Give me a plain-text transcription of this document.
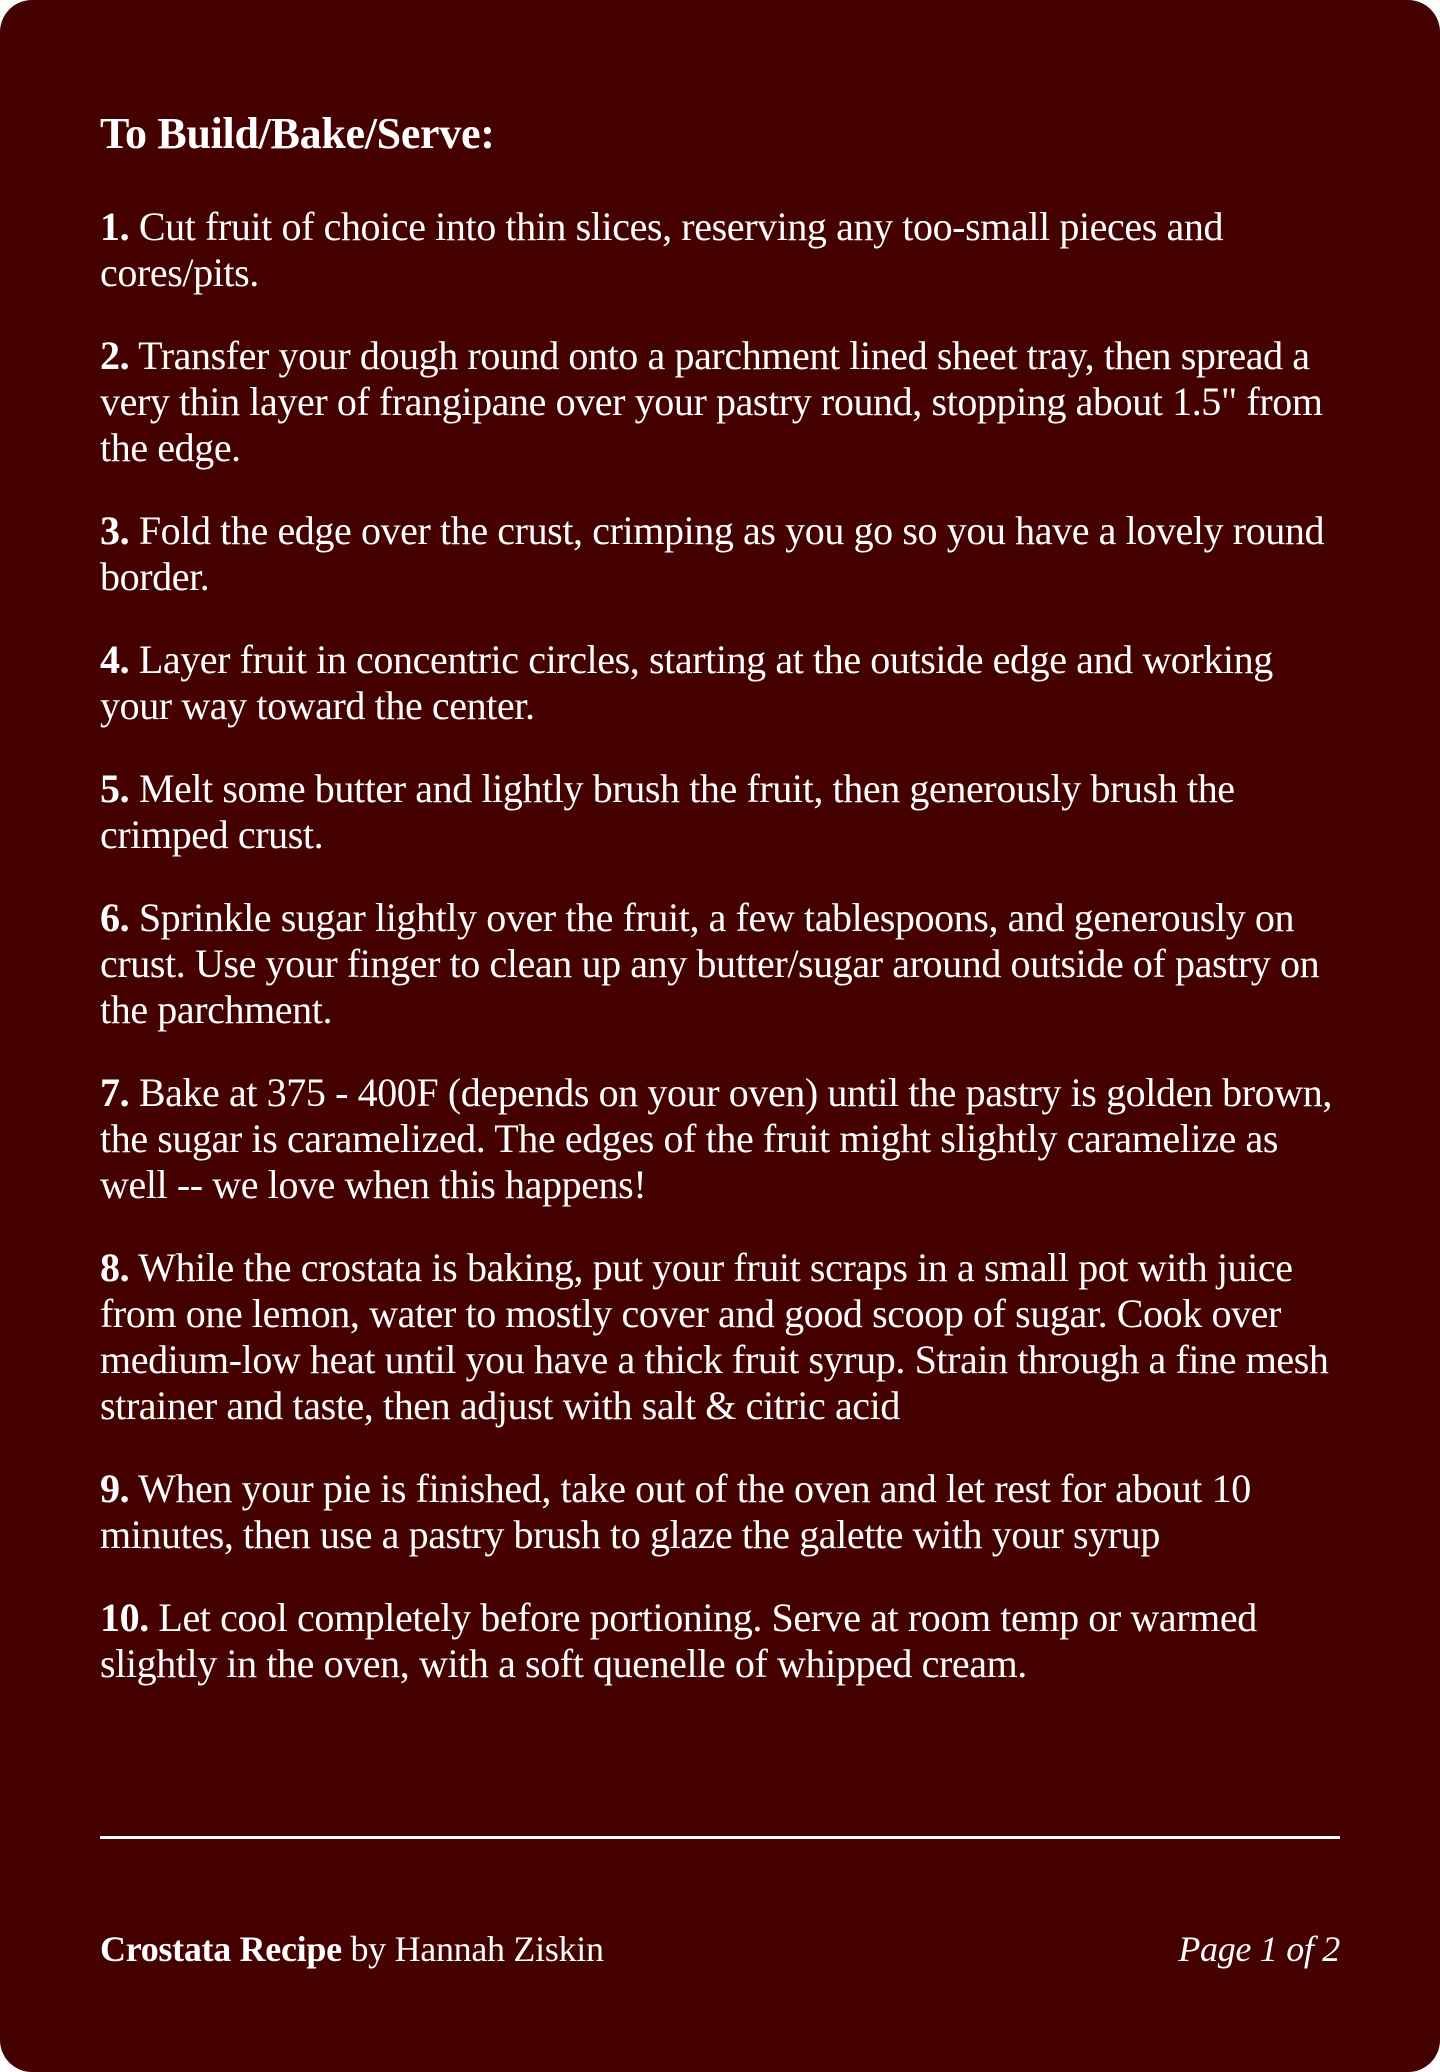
To Build/Bake/Serve:
1. Cut fruit of choice into thin slices, reserving any too-small pieces and cores/pits.
2. Transfer your dough round onto a parchment lined sheet tray, then spread a very thin layer of frangipane over your pastry round, stopping about 1.5" from the edge.
3. Fold the edge over the crust, crimping as you go so you have a lovely round border.
4. Layer fruit in concentric circles, starting at the outside edge and working your way toward the center.
5. Melt some butter and lightly brush the fruit, then generously brush the crimped crust.
6. Sprinkle sugar lightly over the fruit, a few tablespoons, and generously on crust. Use your finger to clean up any butter/sugar around outside of pastry on the parchment.
7. Bake at 375 - 400F (depends on your oven) until the pastry is golden brown, the sugar is caramelized. The edges of the fruit might slightly caramelize as well -- we love when this happens!
8. While the crostata is baking, put your fruit scraps in a small pot with juice from one lemon, water to mostly cover and good scoop of sugar. Cook over medium-low heat until you have a thick fruit syrup. Strain through a fine mesh strainer and taste, then adjust with salt & citric acid
9. When your pie is finished, take out of the oven and let rest for about 10 minutes, then use a pastry brush to glaze the galette with your syrup
10. Let cool completely before portioning. Serve at room temp or warmed slightly in the oven, with a soft quenelle of whipped cream.
Crostata Recipe by Hannah Ziskin	Page 1 of 2
